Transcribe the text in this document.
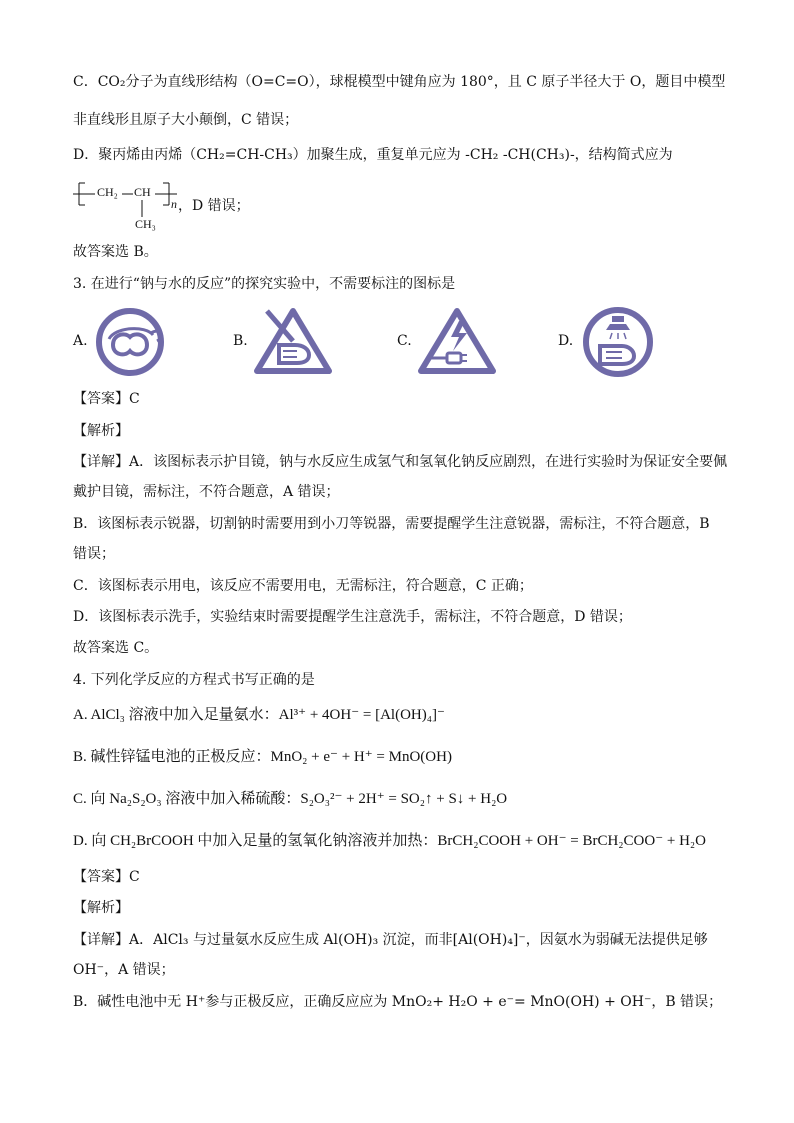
C．CO₂分子为直线形结构（O=C=O），球棍模型中键角应为 180°，且 C 原子半径大于 O，题目中模型
非直线形且原子大小颠倒，C 错误；
D．聚丙烯由丙烯（CH₂=CH-CH₃）加聚生成，重复单元应为 -CH₂ -CH(CH₃)-，结构简式应为
CH₂ CH
CH₃
n ，D 错误；
故答案选 B。
3. 在进行“钠与水的反应”的探究实验中，不需要标注的图标是
A.	B.	C.	D.
【答案】C
【解析】
【详解】A．该图标表示护目镜，钠与水反应生成氢气和氢氧化钠反应剧烈，在进行实验时为保证安全要佩
戴护目镜，需标注，不符合题意，A 错误；
B．该图标表示锐器，切割钠时需要用到小刀等锐器，需要提醒学生注意锐器，需标注，不符合题意，B
错误；
C．该图标表示用电，该反应不需要用电，无需标注，符合题意，C 正确；
D．该图标表示洗手，实验结束时需要提醒学生注意洗手，需标注，不符合题意，D 错误；
故答案选 C。
4. 下列化学反应的方程式书写正确的是
A. AlCl₃ 溶液中加入足量氨水：Al³⁺ + 4OH⁻ = [Al(OH)₄]⁻
B. 碱性锌锰电池的正极反应：MnO₂ + e⁻ + H⁺ = MnO(OH)
C. 向 Na₂S₂O₃ 溶液中加入稀硫酸：S₂O₃²⁻ + 2H⁺ = SO₂↑ + S↓ + H₂O
D. 向 CH₂BrCOOH 中加入足量的氢氧化钠溶液并加热：BrCH₂COOH + OH⁻ = BrCH₂COO⁻ + H₂O
【答案】C
【解析】
【详解】A．AlCl₃ 与过量氨水反应生成 Al(OH)₃ 沉淀，而非[Al(OH)₄]⁻，因氨水为弱碱无法提供足够
OH⁻，A 错误；
B．碱性电池中无 H⁺参与正极反应，正确反应应为 MnO₂+ H₂O + e⁻= MnO(OH) + OH⁻，B 错误；
